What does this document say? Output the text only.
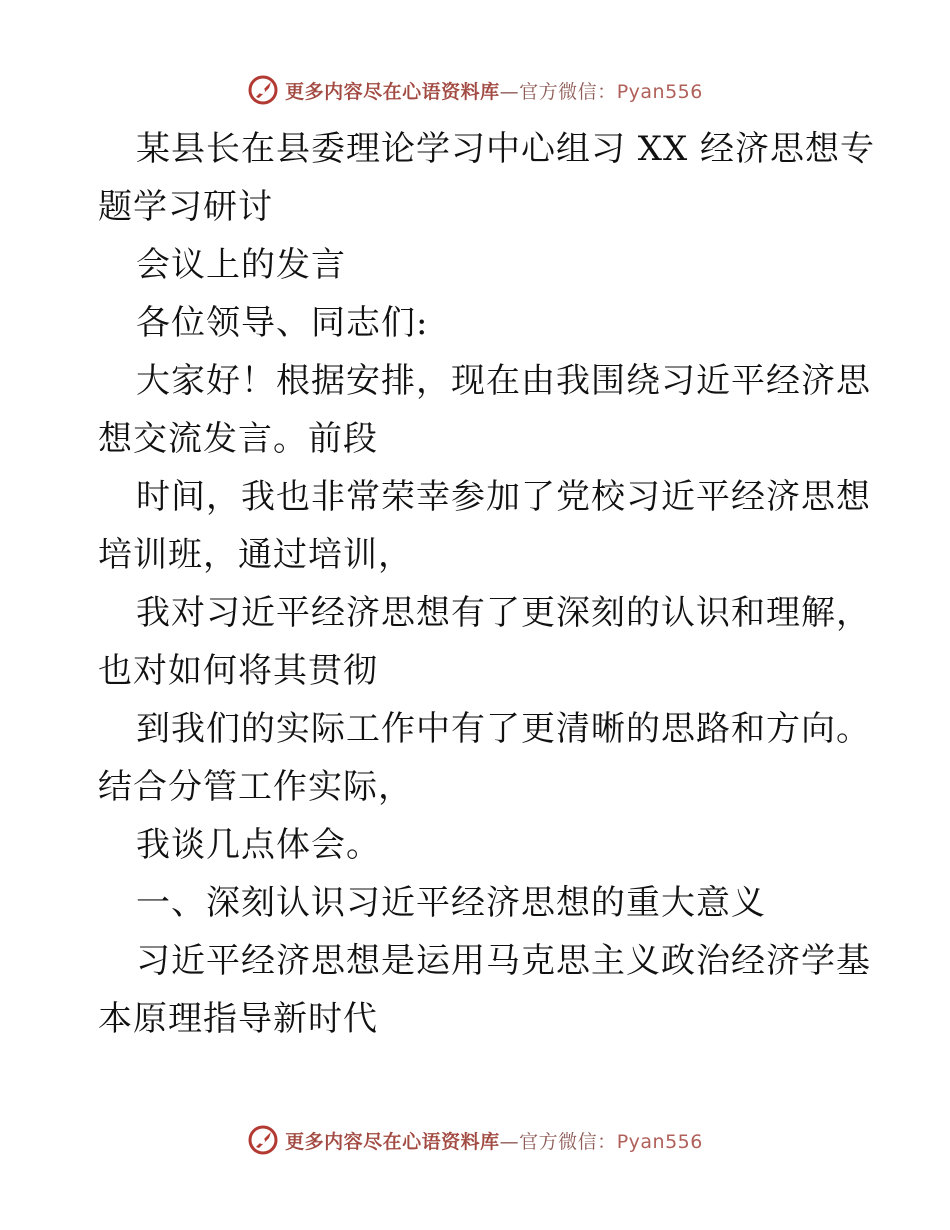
更多内容尽在心语资料库—官方微信：Pyan556
某县长在县委理论学习中心组习 XX 经济思想专
题学习研讨
会议上的发言
各位领导、同志们:
大家好！根据安排，现在由我围绕习近平经济思
想交流发言。前段
时间，我也非常荣幸参加了党校习近平经济思想
培训班，通过培训，
我对习近平经济思想有了更深刻的认识和理解，
也对如何将其贯彻
到我们的实际工作中有了更清晰的思路和方向。
结合分管工作实际，
我谈几点体会。
一、深刻认识习近平经济思想的重大意义
习近平经济思想是运用马克思主义政治经济学基
本原理指导新时代
更多内容尽在心语资料库—官方微信：Pyan556
